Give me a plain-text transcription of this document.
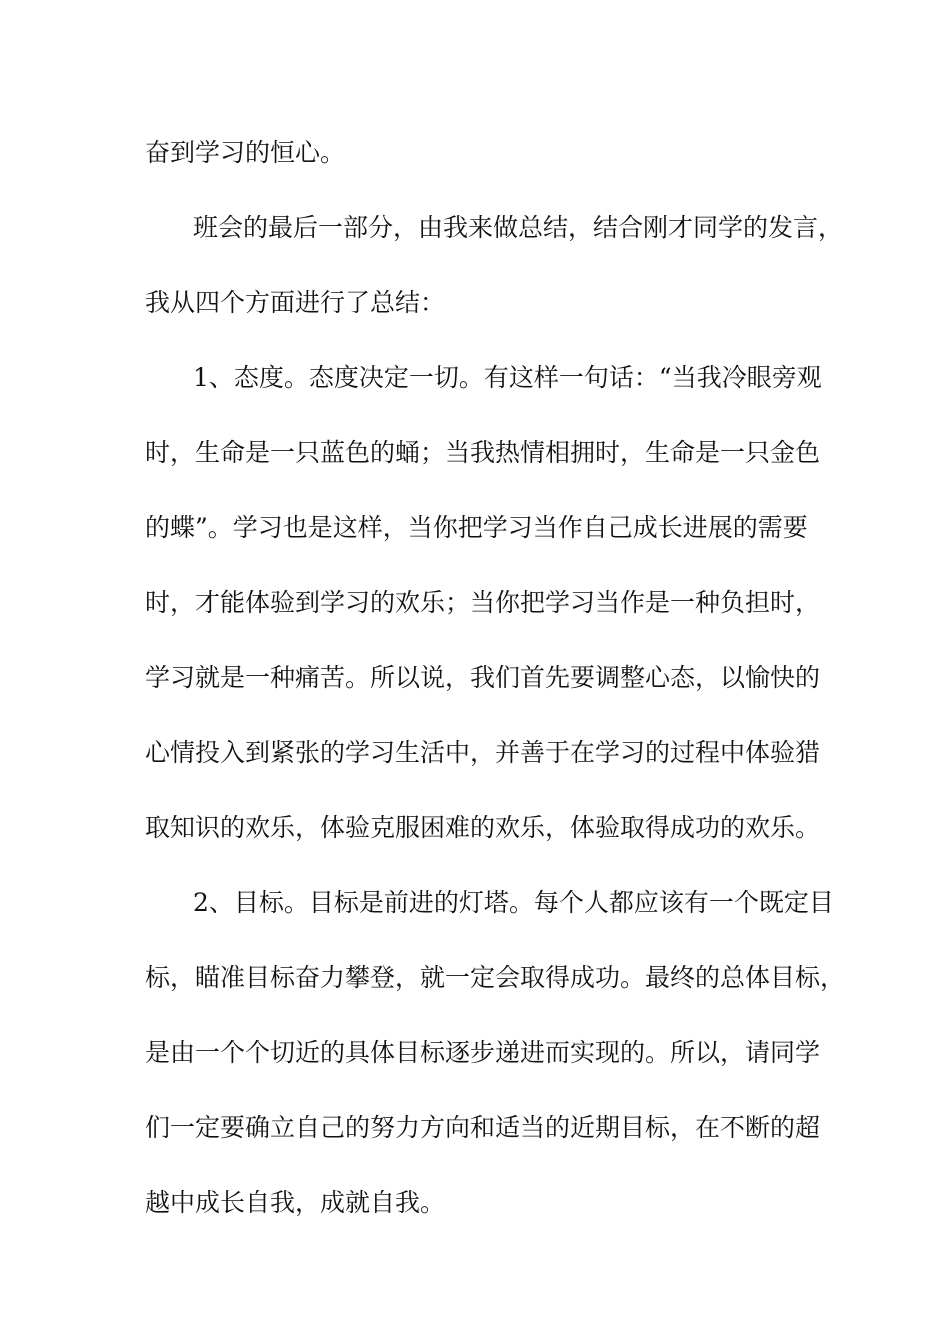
奋到学习的恒心。
班会的最后一部分，由我来做总结，结合刚才同学的发言，
我从四个方面进行了总结：
1、态度。态度决定一切。有这样一句话：“当我冷眼旁观
时，生命是一只蓝色的蛹；当我热情相拥时，生命是一只金色
的蝶”。学习也是这样，当你把学习当作自己成长进展的需要
时，才能体验到学习的欢乐；当你把学习当作是一种负担时，
学习就是一种痛苦。所以说，我们首先要调整心态，以愉快的
心情投入到紧张的学习生活中，并善于在学习的过程中体验猎
取知识的欢乐，体验克服困难的欢乐，体验取得成功的欢乐。
2、目标。目标是前进的灯塔。每个人都应该有一个既定目
标，瞄准目标奋力攀登，就一定会取得成功。最终的总体目标，
是由一个个切近的具体目标逐步递进而实现的。所以，请同学
们一定要确立自己的努力方向和适当的近期目标，在不断的超
越中成长自我，成就自我。
